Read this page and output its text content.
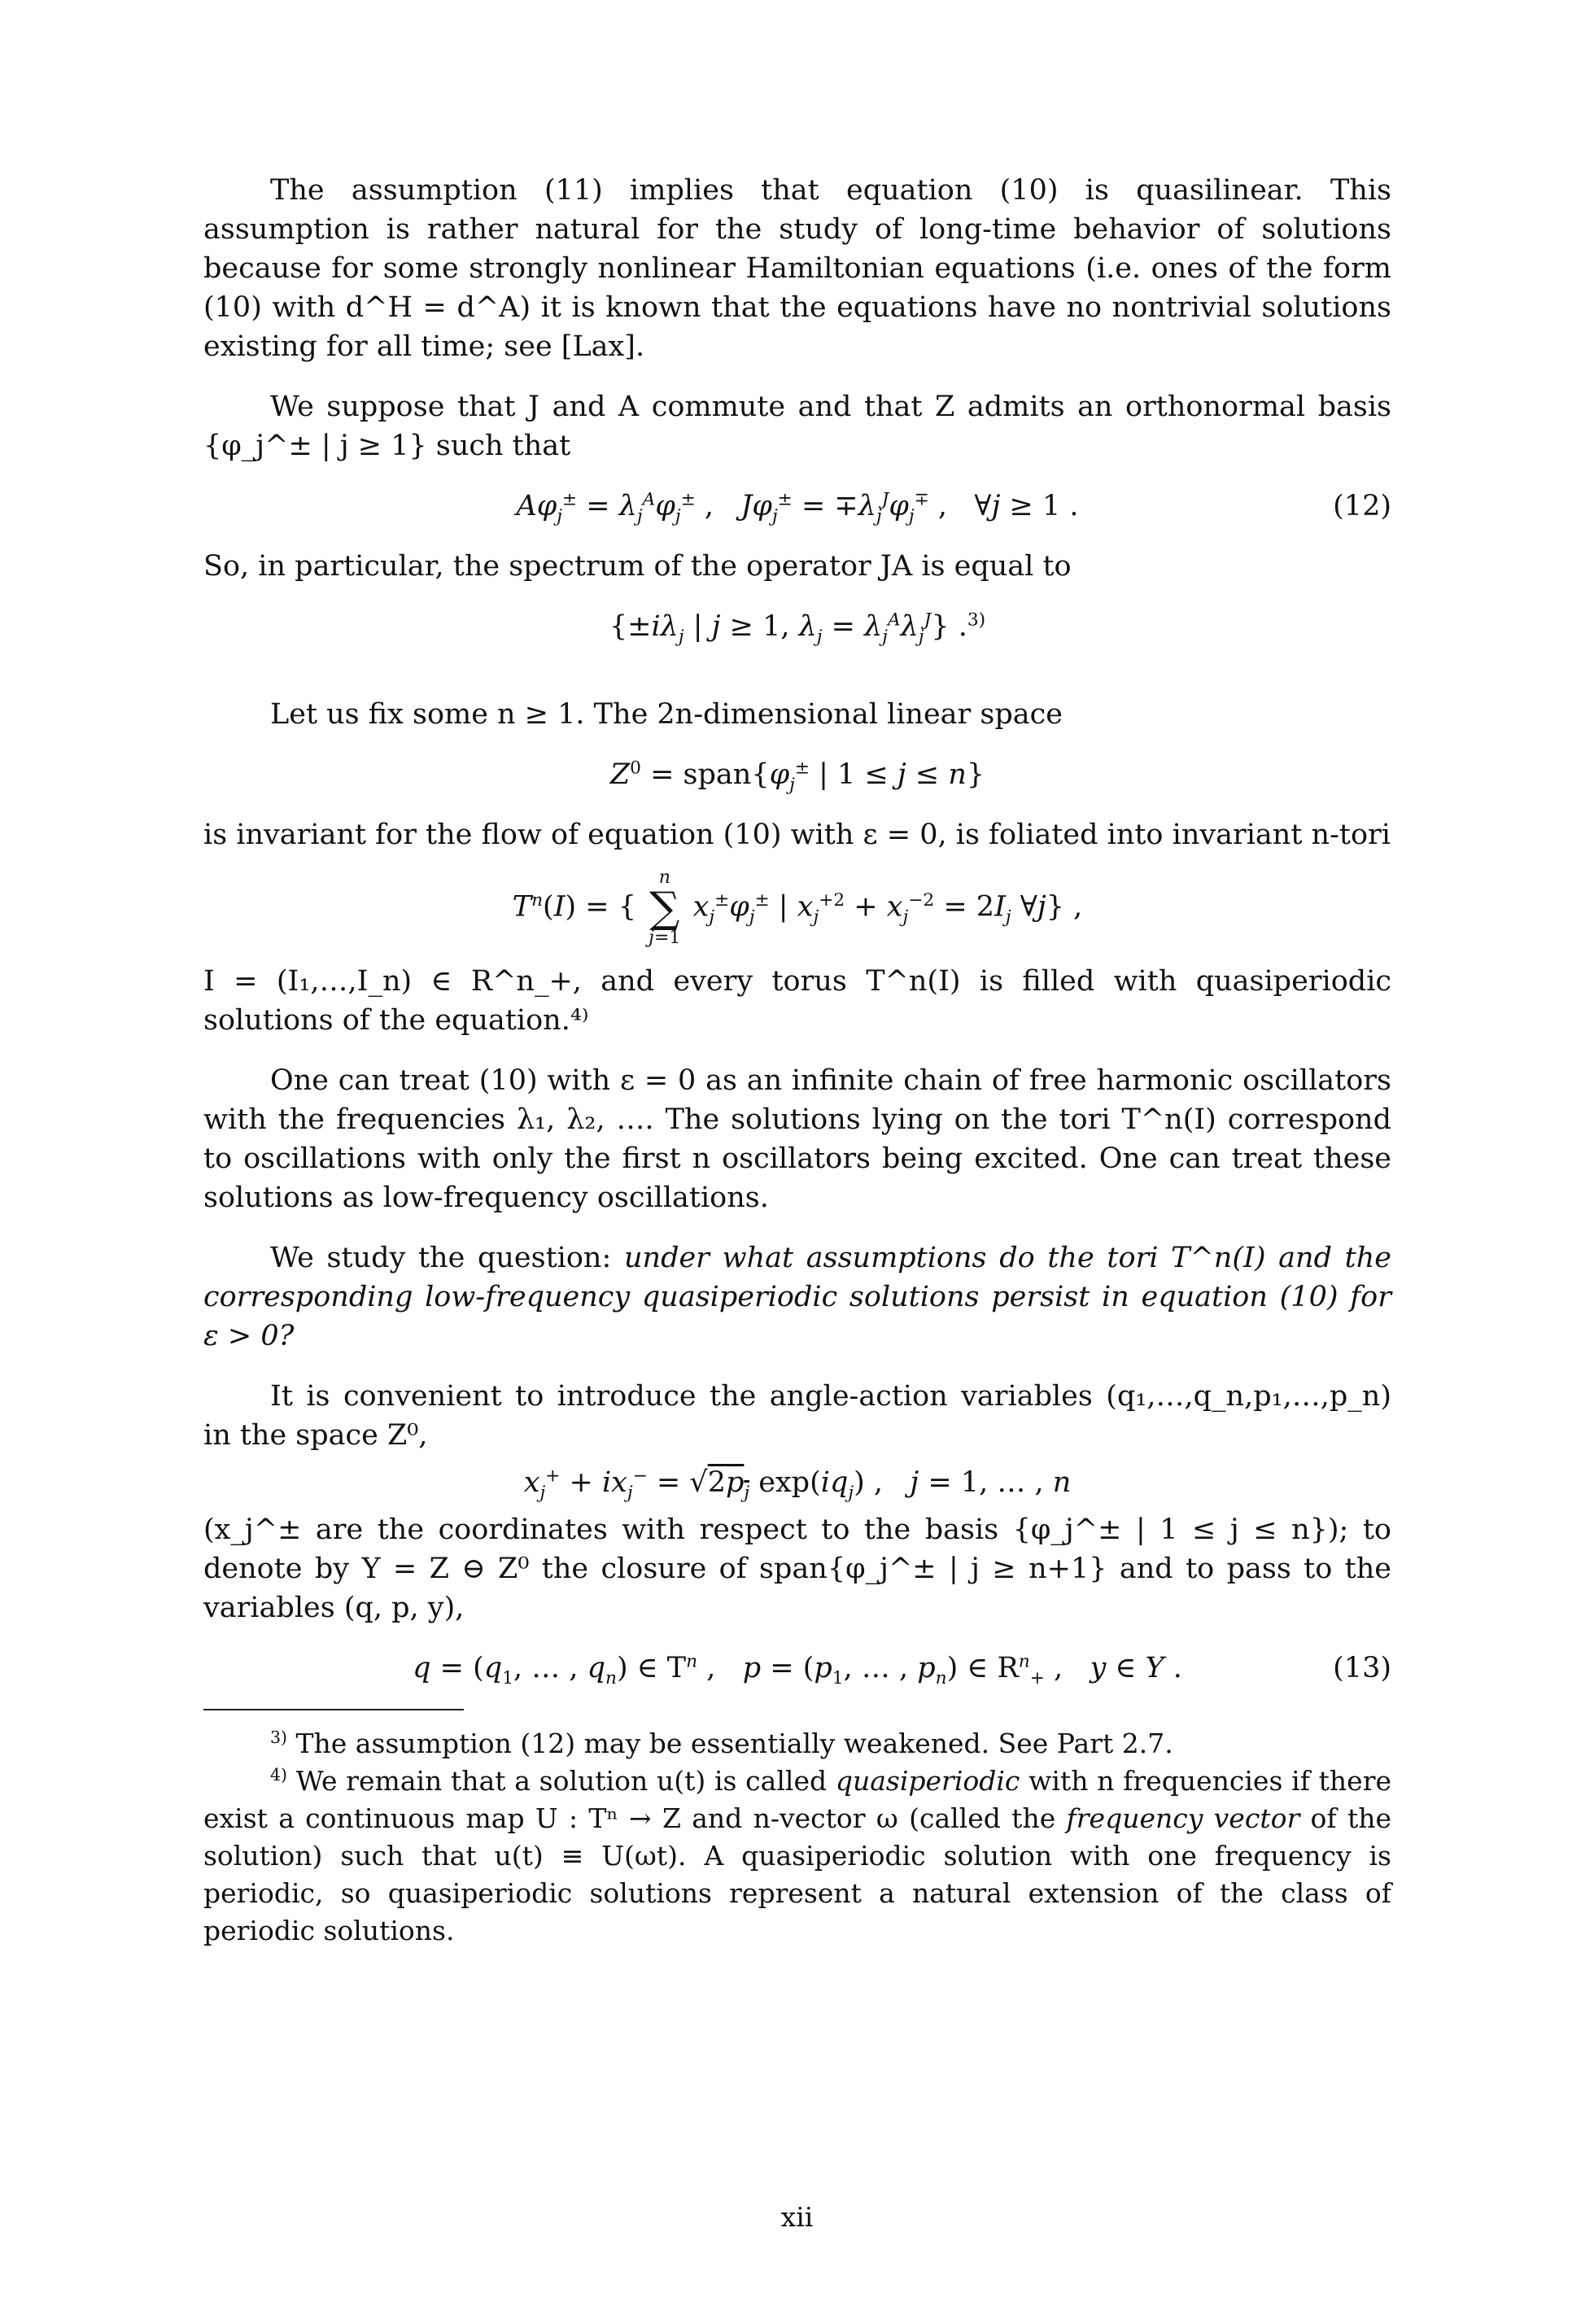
The assumption (11) implies that equation (10) is quasilinear. This assumption is rather natural for the study of long-time behavior of solutions because for some strongly nonlinear Hamiltonian equations (i.e. ones of the form (10) with d^H = d^A) it is known that the equations have no nontrivial solutions existing for all time; see [Lax].

We suppose that J and A commute and that Z admits an orthonormal basis {φ_j^± | j ≥ 1} such that

$A\varphi_j^\pm = \lambda_j^A\varphi_j^\pm$ ,   $J\varphi_j^\pm = \mp\lambda_j^J\varphi_j^\mp$ ,   ∀j ≥ 1 .	(12)

So, in particular, the spectrum of the operator JA is equal to

{$\pm i\lambda_j$ | j ≥ 1, $\lambda_j = \lambda_j^A\lambda_j^J$} .$^{3)}$

Let us fix some n ≥ 1. The 2n-dimensional linear space

$Z^0$ = $span\{\varphi_j^\pm$ | 1 ≤ j ≤ n}

is invariant for the flow of equation (10) with ε = 0, is foliated into invariant n-tori

$T^n(I)$ = {
n
∑
j=1
$x_j^\pm\varphi_j^\pm$ | $x_j^{+2} + x_j^{-2} = 2I_j$ ∀j} ,

I = (I₁,…,I_n) ∈ R^n_+, and every torus T^n(I) is filled with quasiperiodic solutions of the equation.⁴⁾

One can treat (10) with ε = 0 as an infinite chain of free harmonic oscillators with the frequencies λ₁, λ₂, …. The solutions lying on the tori T^n(I) correspond to oscillations with only the first n oscillators being excited. One can treat these solutions as low-frequency oscillations.

We study the question: under what assumptions do the tori T^n(I) and the corresponding low-frequency quasiperiodic solutions persist in equation (10) for ε > 0?

It is convenient to introduce the angle-action variables (q₁,…,q_n,p₁,…,p_n) in the space Z⁰,

$x_j^+ + ix_j^- = √2p_j$ $\exp(iq_j)$ ,   j = 1, … , n

(x_j^± are the coordinates with respect to the basis {φ_j^± | 1 ≤ j ≤ n}); to denote by Y = Z ⊖ Z⁰ the closure of span{φ_j^± | j ≥ n+1} and to pass to the variables (q, p, y),

$q = (q_1$, … , $q_n$) ∈ $T^n$ ,   $p = (p_1$, … , $p_n$) ∈ $R^n_+$ ,   y ∈ Y .	(13)

$^{3)}$ The assumption (12) may be essentially weakened. See Part 2.7.

$^{4)}$ We remain that a solution u(t) is called quasiperiodic with n frequencies if there exist a continuous map U : Tⁿ → Z and n-vector ω (called the frequency vector of the solution) such that u(t) ≡ U(ωt). A quasiperiodic solution with one frequency is periodic, so quasiperiodic solutions represent a natural extension of the class of periodic solutions.

xii
